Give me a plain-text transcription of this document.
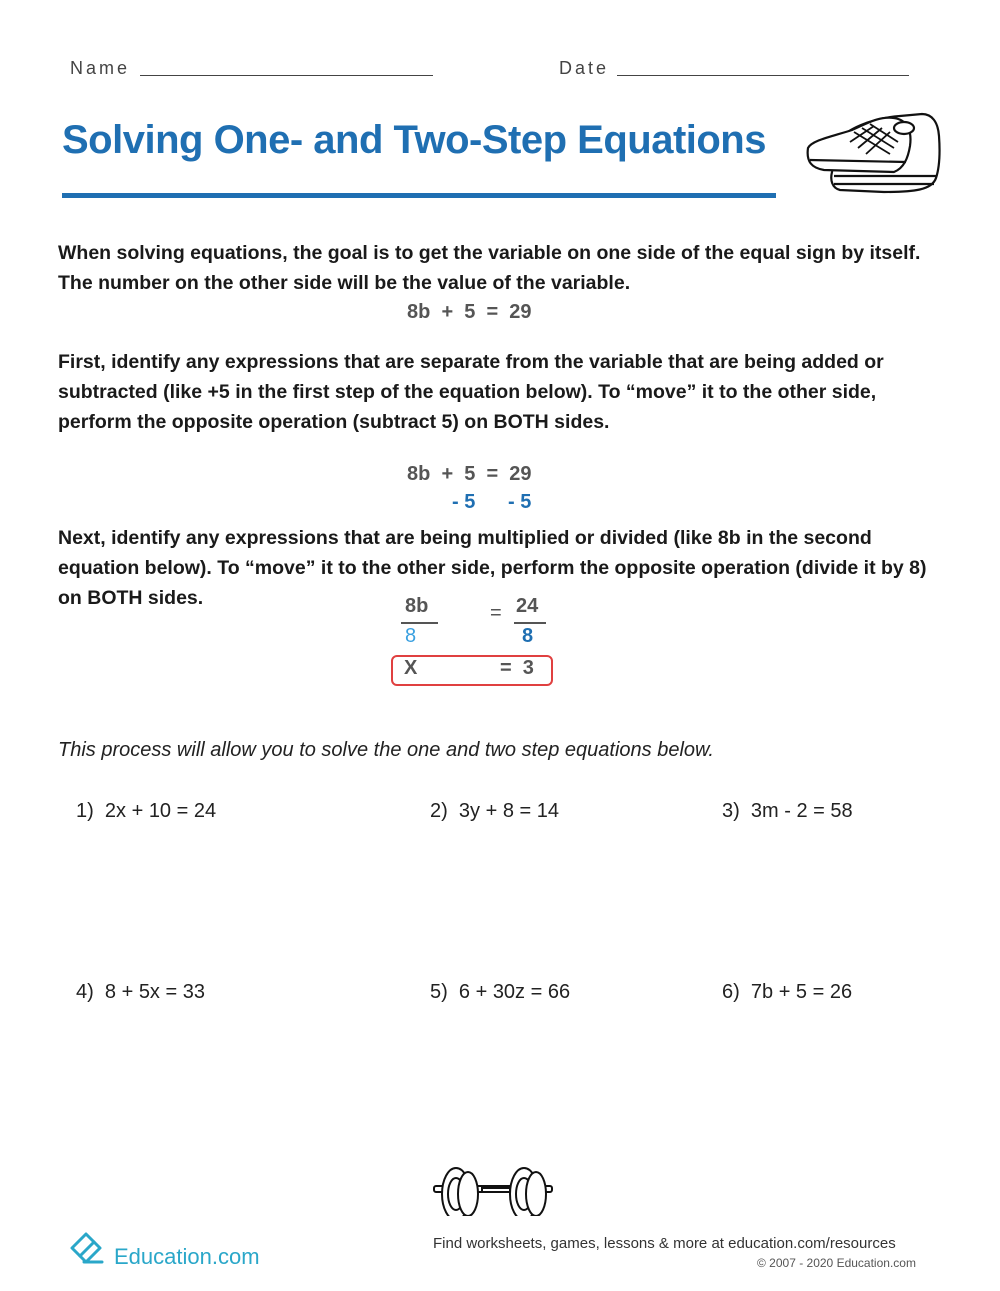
Name	Date
Solving One- and Two-Step Equations
When solving equations, the goal is to get the variable on one side of the equal sign by itself. The number on the other side will be the value of the variable.
8b  +  5  =  29
First, identify any expressions that are separate from the variable that are being added or subtracted (like +5 in the first step of the equation below). To “move” it to the other side, perform the opposite operation (subtract 5) on BOTH sides.
8b  +  5  =  29
- 5 - 5
Next, identify any expressions that are being multiplied or divided (like 8b in the second equation below). To “move” it to the other side, perform the opposite operation (divide it by 8) on BOTH sides.	8b
8
= 24
8
X	=  3
This process will allow you to solve the one and two step equations below.
1)  2x + 10 = 24	2)  3y + 8 = 14	3)  3m - 2 = 58
4)  8 + 5x = 33	5)  6 + 30z = 66	6)  7b + 5 = 26
Education.com
Find worksheets, games, lessons & more at education.com/resources
© 2007 - 2020 Education.com
